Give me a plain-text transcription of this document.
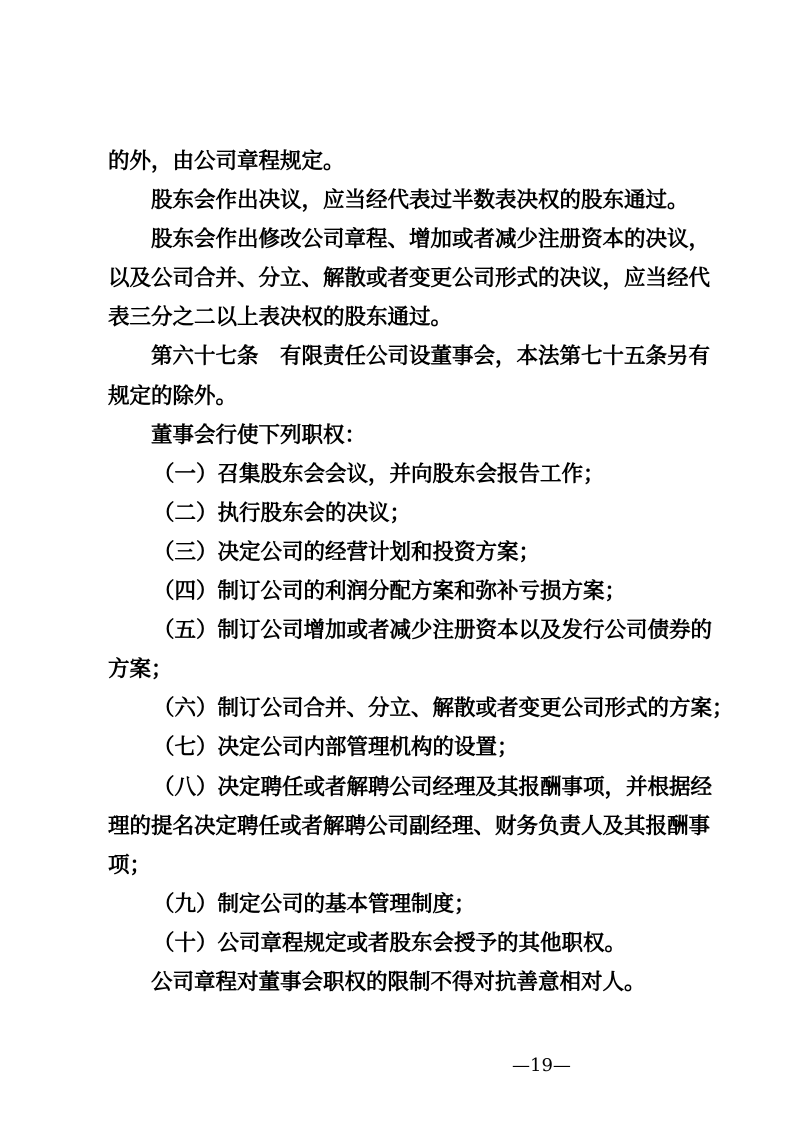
的外，由公司章程规定。
股东会作出决议，应当经代表过半数表决权的股东通过。
股东会作出修改公司章程、增加或者减少注册资本的决议，
以及公司合并、分立、解散或者变更公司形式的决议，应当经代
表三分之二以上表决权的股东通过。
第六十七条　有限责任公司设董事会，本法第七十五条另有
规定的除外。
董事会行使下列职权：
（一）召集股东会会议，并向股东会报告工作；
（二）执行股东会的决议；
（三）决定公司的经营计划和投资方案；
（四）制订公司的利润分配方案和弥补亏损方案；
（五）制订公司增加或者减少注册资本以及发行公司债券的
方案；
（六）制订公司合并、分立、解散或者变更公司形式的方案；
（七）决定公司内部管理机构的设置；
（八）决定聘任或者解聘公司经理及其报酬事项，并根据经
理的提名决定聘任或者解聘公司副经理、财务负责人及其报酬事
项；
（九）制定公司的基本管理制度；
（十）公司章程规定或者股东会授予的其他职权。
公司章程对董事会职权的限制不得对抗善意相对人。
—19—
